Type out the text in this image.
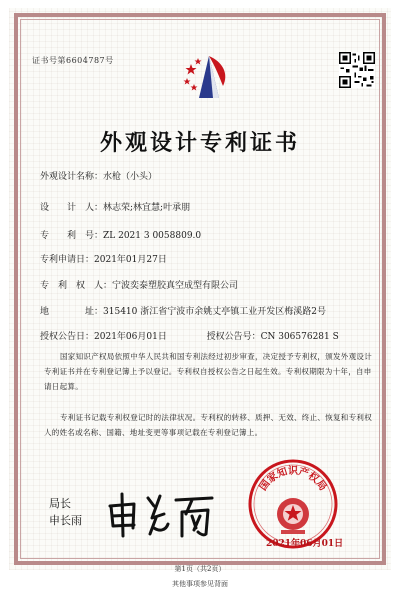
证书号第6604787号
外观设计专利证书
外观设计名称：水枪（小头）
设　　计　人：林志荣;林宜慧;叶承朋
专　　利　号：ZL 2021 3 0058809.0
专利申请日：2021年01月27日
专　利　权　人：宁波奕泰塑胶真空成型有限公司
地　　　　址：315410 浙江省宁波市余姚丈亭镇工业开发区梅溪路2号
授权公告日：2021年06月01日	授权公告号：CN 306576281 S
国家知识产权局依照中华人民共和国专利法经过初步审查，决定授予专利权，颁发外观设计专利证书并在专利登记簿上予以登记。专利权自授权公告之日起生效。专利权期限为十年，自申请日起算。
专利证书记载专利权登记时的法律状况。专利权的转移、质押、无效、终止、恢复和专利权人的姓名或名称、国籍、地址变更等事项记载在专利登记簿上。
局长
申长雨
国家知识产权局
2021年06月01日
第1页（共2页）
其他事项参见背面
